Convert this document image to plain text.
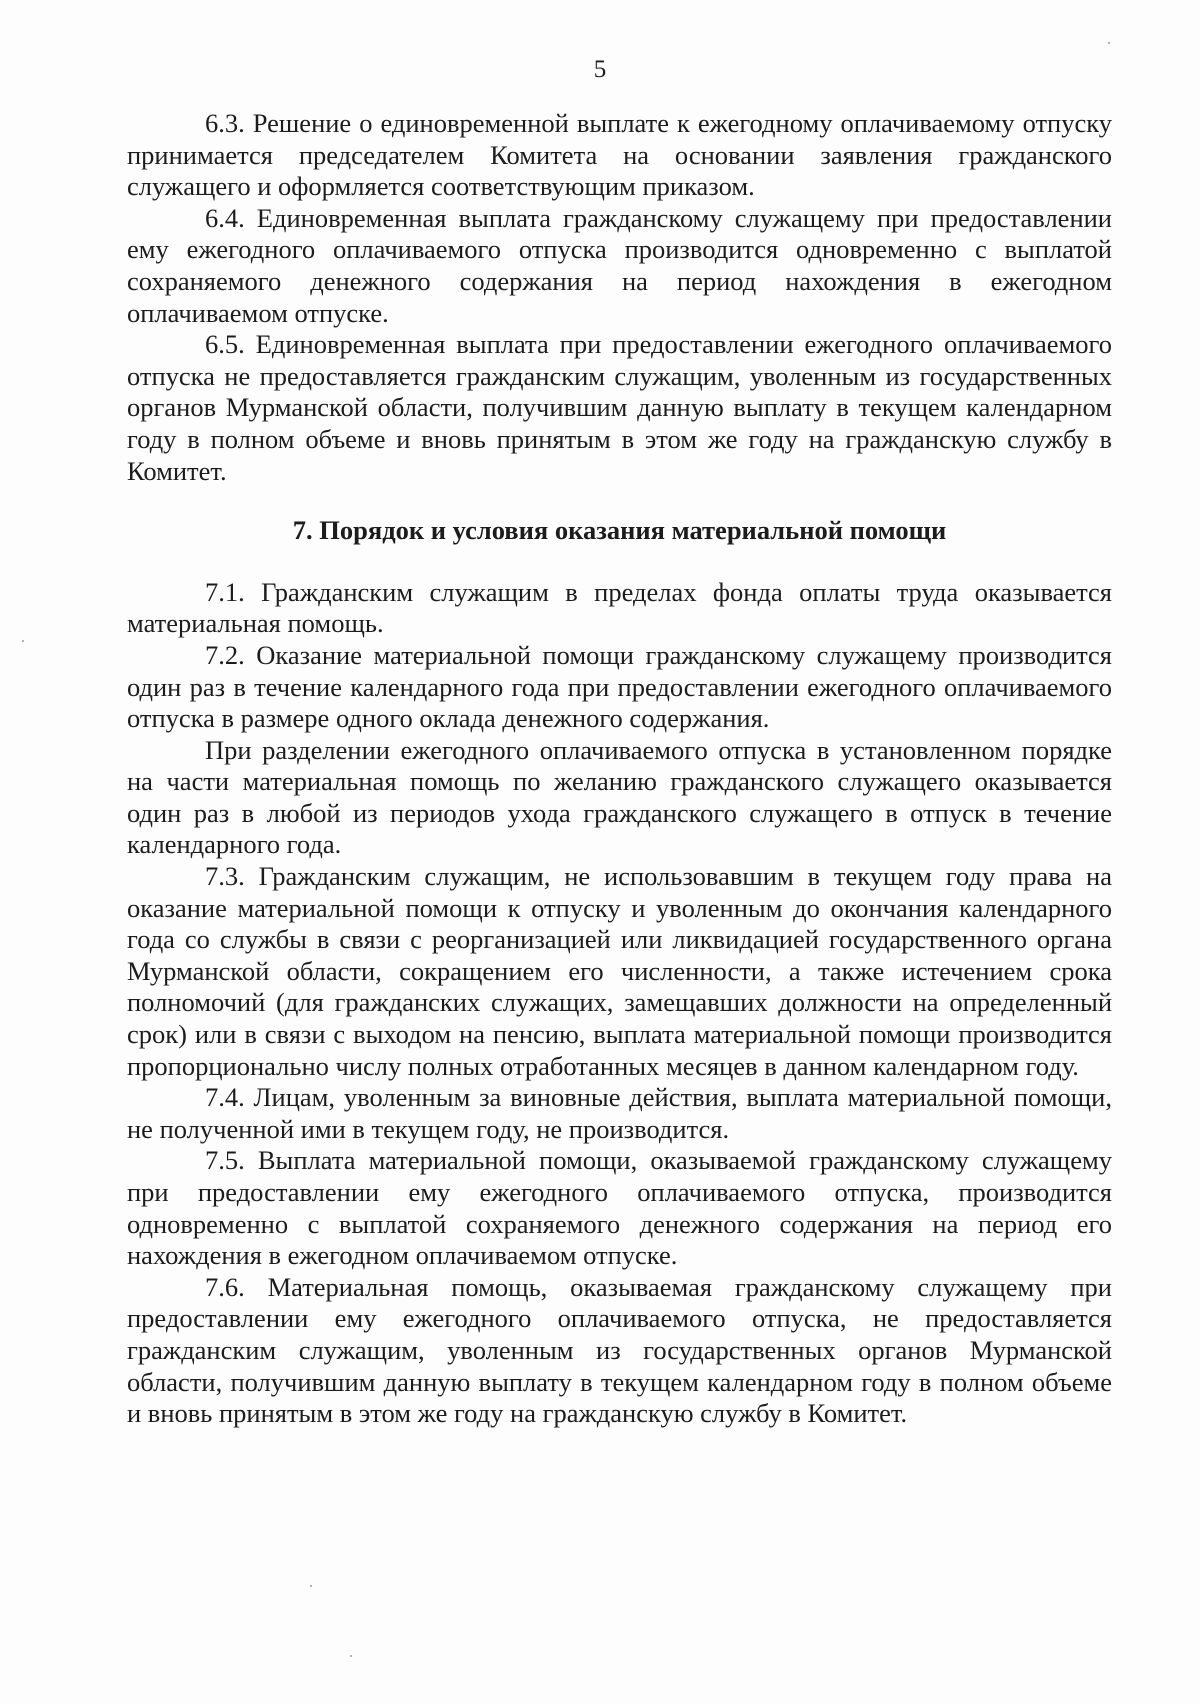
5

6.3. Решение о единовременной выплате к ежегодному оплачиваемому отпуску принимается председателем Комитета на основании заявления гражданского служащего и оформляется соответствующим приказом.

6.4. Единовременная выплата гражданскому служащему при предоставлении ему ежегодного оплачиваемого отпуска производится одновременно с выплатой сохраняемого денежного содержания на период нахождения в ежегодном оплачиваемом отпуске.

6.5. Единовременная выплата при предоставлении ежегодного оплачиваемого отпуска не предоставляется гражданским служащим, уволенным из государственных органов Мурманской области, получившим данную выплату в текущем календарном году в полном объеме и вновь принятым в этом же году на гражданскую службу в Комитет.

7. Порядок и условия оказания материальной помощи

7.1. Гражданским служащим в пределах фонда оплаты труда оказывается материальная помощь.

7.2. Оказание материальной помощи гражданскому служащему производится один раз в течение календарного года при предоставлении ежегодного оплачиваемого отпуска в размере одного оклада денежного содержания.

При разделении ежегодного оплачиваемого отпуска в установленном порядке на части материальная помощь по желанию гражданского служащего оказывается один раз в любой из периодов ухода гражданского служащего в отпуск в течение календарного года.

7.3. Гражданским служащим, не использовавшим в текущем году права на оказание материальной помощи к отпуску и уволенным до окончания календарного года со службы в связи с реорганизацией или ликвидацией государственного органа Мурманской области, сокращением его численности, а также истечением срока полномочий (для гражданских служащих, замещавших должности на определенный срок) или в связи с выходом на пенсию, выплата материальной помощи производится пропорционально числу полных отработанных месяцев в данном календарном году.

7.4. Лицам, уволенным за виновные действия, выплата материальной помощи, не полученной ими в текущем году, не производится.

7.5. Выплата материальной помощи, оказываемой гражданскому служащему при предоставлении ему ежегодного оплачиваемого отпуска, производится одновременно с выплатой сохраняемого денежного содержания на период его нахождения в ежегодном оплачиваемом отпуске.

7.6. Материальная помощь, оказываемая гражданскому служащему при предоставлении ему ежегодного оплачиваемого отпуска, не предоставляется гражданским служащим, уволенным из государственных органов Мурманской области, получившим данную выплату в текущем календарном году в полном объеме и вновь принятым в этом же году на гражданскую службу в Комитет.
